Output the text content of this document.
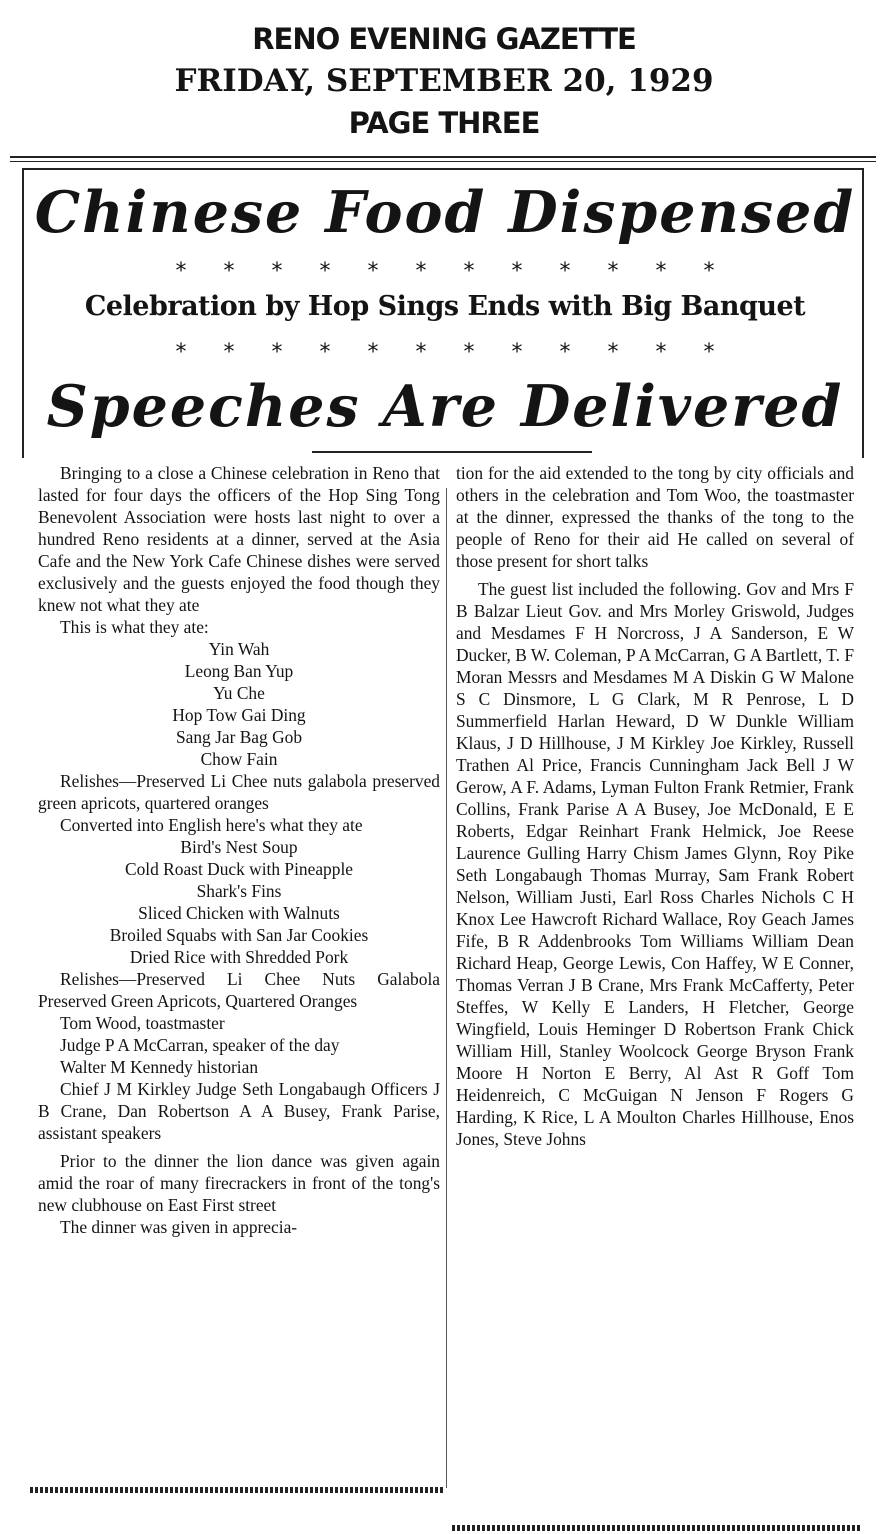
RENO EVENING GAZETTE
FRIDAY, SEPTEMBER 20, 1929
PAGE THREE
Chinese Food Dispensed
* * * * * * * * * * * *
Celebration by Hop Sings Ends with Big Banquet
* * * * * * * * * * * *
Speeches Are Delivered

Bringing to a close a Chinese celebration in Reno that lasted for four days the officers of the Hop Sing Tong Benevolent Association were hosts last night to over a hundred Reno residents at a dinner, served at the Asia Cafe and the New York Cafe Chinese dishes were served exclusively and the guests enjoyed the food though they knew not what they ate

This is what they ate:

Yin Wah

Leong Ban Yup

Yu Che

Hop Tow Gai Ding

Sang Jar Bag Gob

Chow Fain

Relishes—Preserved Li Chee nuts galabola preserved green apricots, quartered oranges

Converted into English here's what they ate

Bird's Nest Soup

Cold Roast Duck with Pineapple

Shark's Fins

Sliced Chicken with Walnuts

Broiled Squabs with San Jar Cookies

Dried Rice with Shredded Pork

Relishes—Preserved Li Chee Nuts Galabola Preserved Green Apricots, Quartered Oranges

Tom Wood, toastmaster

Judge P A McCarran, speaker of the day

Walter M Kennedy historian

Chief J M Kirkley Judge Seth Longabaugh Officers J B Crane, Dan Robertson A A Busey, Frank Parise, assistant speakers

Prior to the dinner the lion dance was given again amid the roar of many firecrackers in front of the tong's new clubhouse on East First street

The dinner was given in apprecia-

tion for the aid extended to the tong by city officials and others in the celebration and Tom Woo, the toastmaster at the dinner, expressed the thanks of the tong to the people of Reno for their aid He called on several of those present for short talks

The guest list included the following. Gov and Mrs F B Balzar Lieut Gov. and Mrs Morley Griswold, Judges and Mesdames F H Norcross, J A Sanderson, E W Ducker, B W. Coleman, P A McCarran, G A Bartlett, T. F Moran Messrs and Mesdames M A Diskin G W Malone S C Dinsmore, L G Clark, M R Penrose, L D Summerfield Harlan Heward, D W Dunkle William Klaus, J D Hillhouse, J M Kirkley Joe Kirkley, Russell Trathen Al Price, Francis Cunningham Jack Bell J W Gerow, A F. Adams, Lyman Fulton Frank Retmier, Frank Collins, Frank Parise A A Busey, Joe McDonald, E E Roberts, Edgar Reinhart Frank Helmick, Joe Reese Laurence Gulling Harry Chism James Glynn, Roy Pike Seth Longabaugh Thomas Murray, Sam Frank Robert Nelson, William Justi, Earl Ross Charles Nichols C H Knox Lee Hawcroft Richard Wallace, Roy Geach James Fife, B R Addenbrooks Tom Williams William Dean Richard Heap, George Lewis, Con Haffey, W E Conner, Thomas Verran J B Crane, Mrs Frank McCafferty, Peter Steffes, W Kelly E Landers, H Fletcher, George Wingfield, Louis Heminger D Robertson Frank Chick William Hill, Stanley Woolcock George Bryson Frank Moore H Norton E Berry, Al Ast R Goff Tom Heidenreich, C McGuigan N Jenson F Rogers G Harding, K Rice, L A Moulton Charles Hillhouse, Enos Jones, Steve Johns
